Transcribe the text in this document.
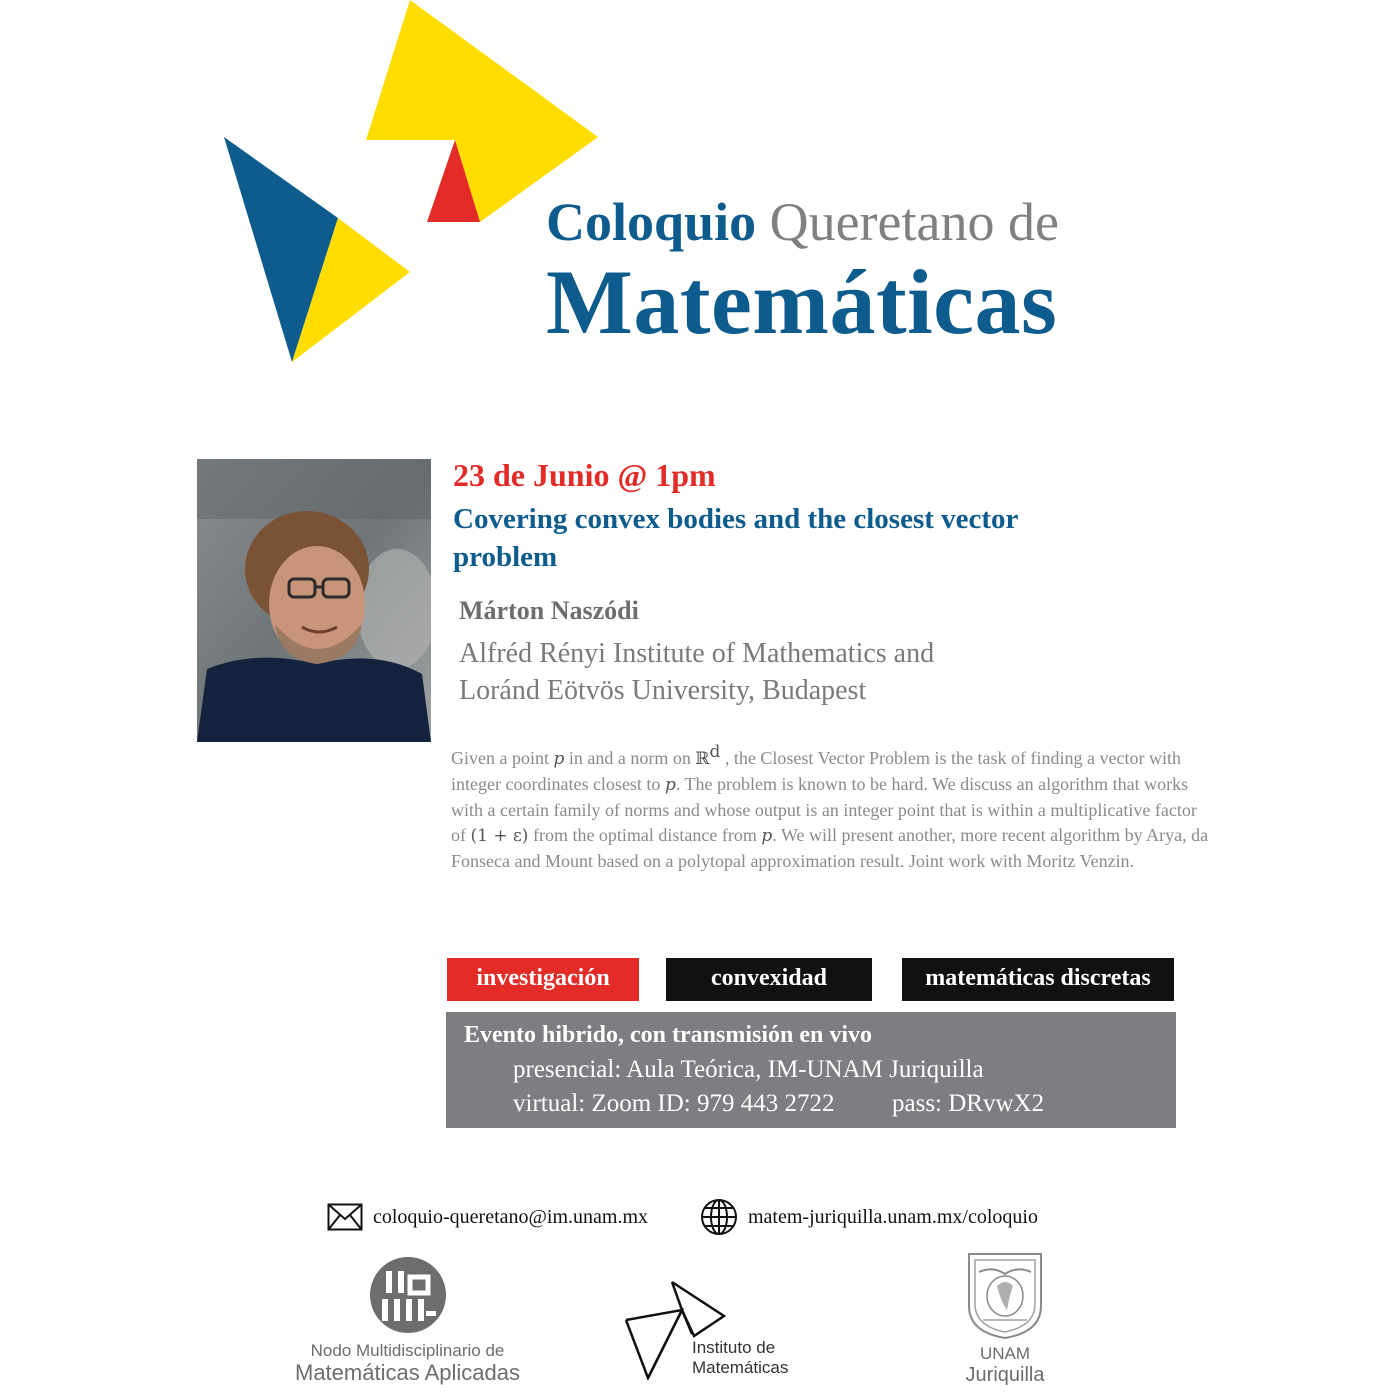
Coloquio Queretano de
Matemáticas
23 de Junio @ 1pm
Covering convex bodies and the closest vector problem
Márton Naszódi
Alfréd Rényi Institute of Mathematics and
Loránd Eötvös University, Budapest
Given a point p in and a norm on ℝ$^d$ , the Closest Vector Problem is the task of finding a vector with integer coordinates closest to p. The problem is known to be hard. We discuss an algorithm that works with a certain family of norms and whose output is an integer point that is within a multiplicative factor of (1 + ε) from the optimal distance from p. We will present another, more recent algorithm by Arya, da Fonseca and Mount based on a polytopal approximation result. Joint work with Moritz Venzin.
investigación	convexidad	matemáticas discretas
Evento hibrido, con transmisión en vivo
presencial: Aula Teórica, IM-UNAM Juriquilla
virtual: Zoom ID: 979 443 2722 pass: DRvwX2
coloquio-queretano@im.unam.mx	matem-juriquilla.unam.mx/coloquio
Nodo Multidisciplinario de
Matemáticas Aplicadas
Instituto de
Matemáticas
UNAM
Juriquilla
